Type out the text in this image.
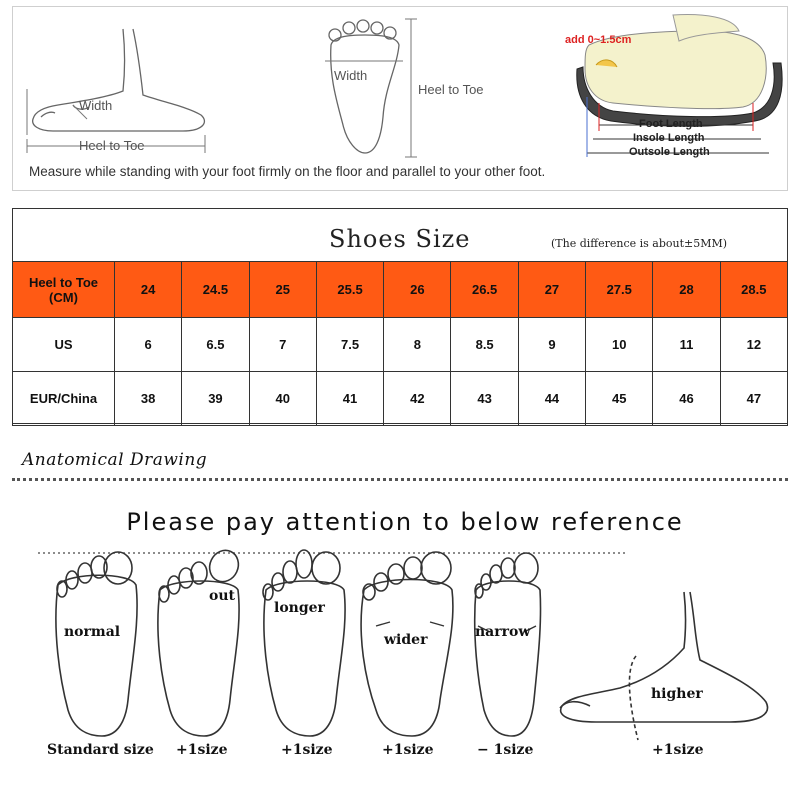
Width
Heel to Toe
Width
Heel to Toe
add 0~1.5cm
Foot Length
Insole Length
Outsole Length
Measure while standing with your foot firmly on the floor and parallel to your other foot.
Shoes Size	(The difference is about±5MM)
Heel to Toe (CM)	24	24.5	25	25.5	26	26.5	27	27.5	28	28.5
US	6	6.5	7	7.5	8	8.5	9	10	11	12
EUR/China	38	39	40	41	42	43	44	45	46	47
Anatomical Drawing
Please pay attention to below reference
normal
out
longer
wider	narrow
higher
Standard size +1size	+1size	+1size	− 1size	+1size
